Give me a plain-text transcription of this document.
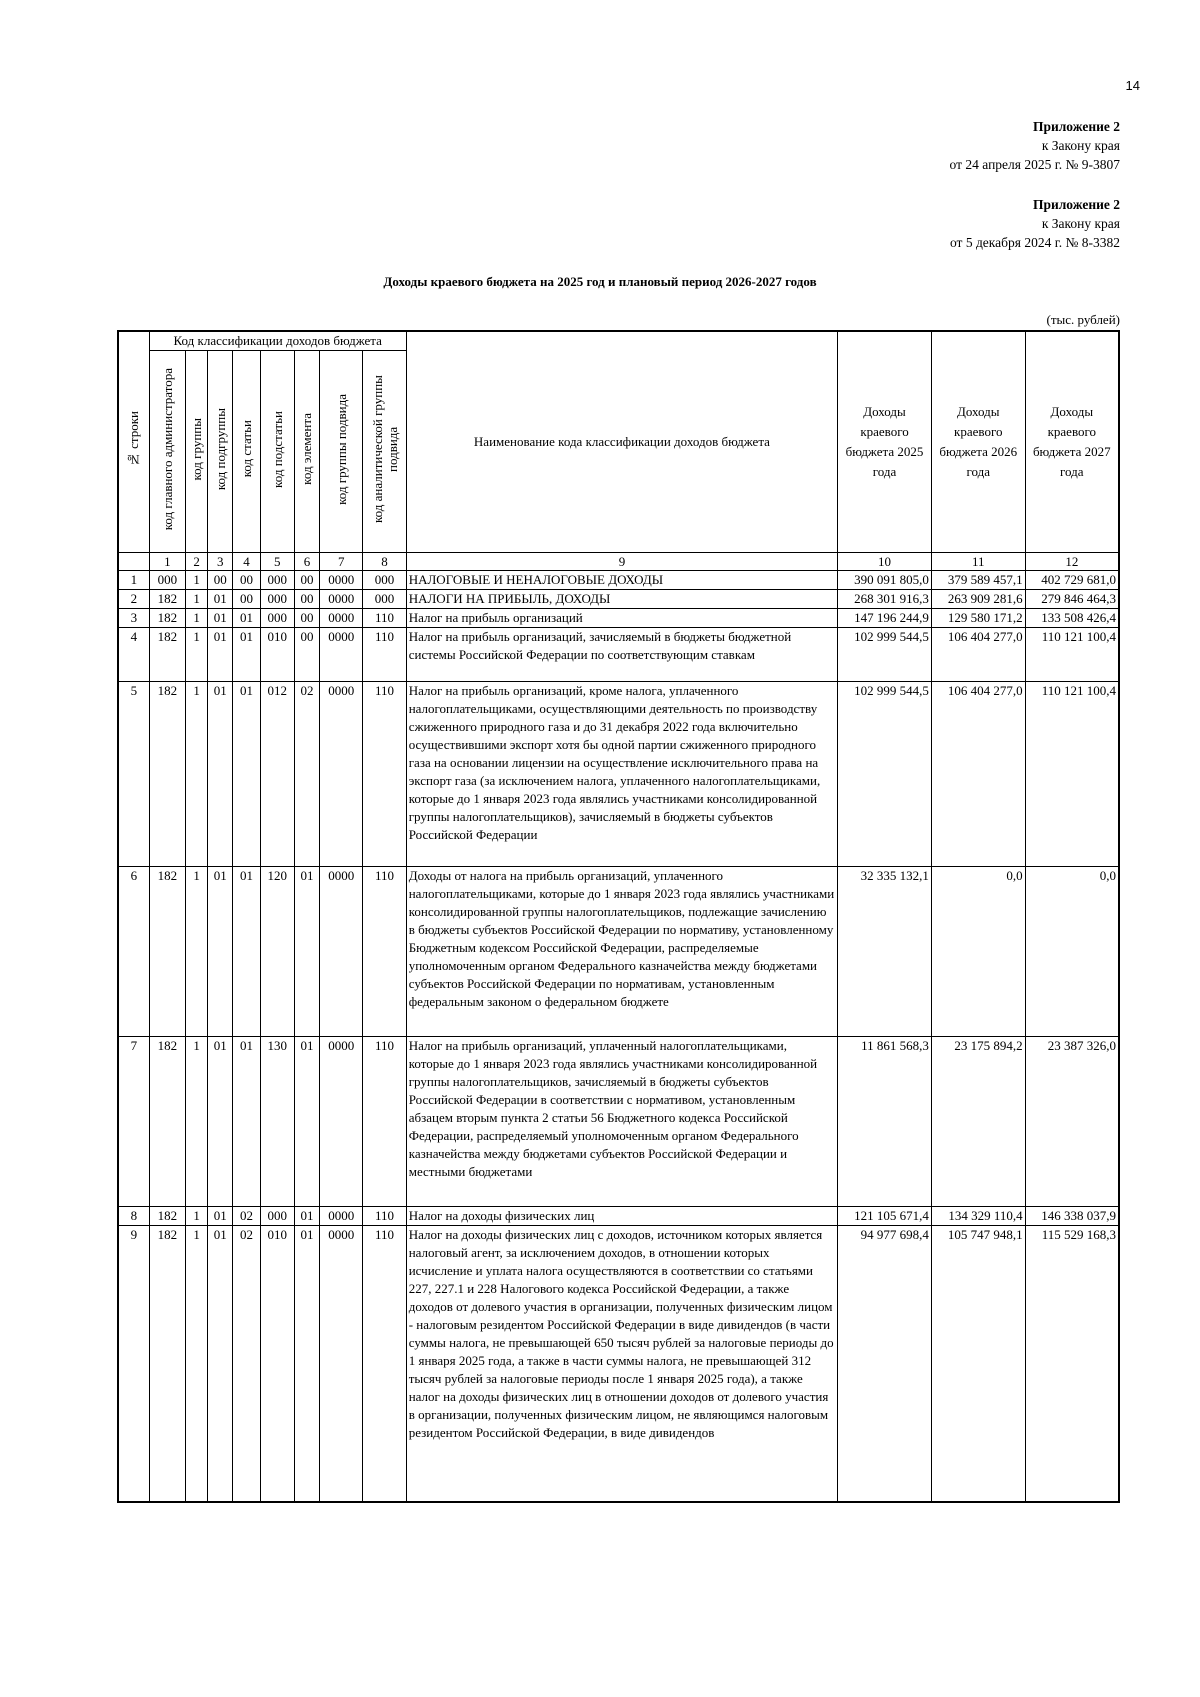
14
Приложение 2
к Закону края
от 24 апреля 2025 г. № 9-3807
Приложение 2
к Закону края
от 5 декабря 2024 г. № 8-3382
Доходы краевого бюджета на 2025 год и плановый период 2026-2027 годов
(тыс. рублей)
№ строки	Код классификации доходов бюджета								Наименование кода классификации доходов бюджета	Доходы краевого бюджета 2025 года	Доходы краевого бюджета 2026 года	Доходы краевого бюджета 2027 года
	код главного администратора	код группы	код подгруппы	код статьи	код подстатьи	код элемента	код группы подвида	код аналитической группы подвида				
	1	2	3	4	5	6	7	8	9	10	11	12
1	000	1	00	00	000	00	0000	000	НАЛОГОВЫЕ И НЕНАЛОГОВЫЕ ДОХОДЫ	390 091 805,0	379 589 457,1	402 729 681,0
2	182	1	01	00	000	00	0000	000	НАЛОГИ НА ПРИБЫЛЬ, ДОХОДЫ	268 301 916,3	263 909 281,6	279 846 464,3
3	182	1	01	01	000	00	0000	110	Налог на прибыль организаций	147 196 244,9	129 580 171,2	133 508 426,4
4	182	1	01	01	010	00	0000	110	Налог на прибыль организаций, зачисляемый в бюджеты бюджетной системы Российской Федерации по соответствующим ставкам	102 999 544,5	106 404 277,0	110 121 100,4
5	182	1	01	01	012	02	0000	110	Налог на прибыль организаций, кроме налога, уплаченного налогоплательщиками, осуществляющими деятельность по производству сжиженного природного газа и до 31 декабря 2022 года включительно осуществившими экспорт хотя бы одной партии сжиженного природного газа на основании лицензии на осуществление исключительного права на экспорт газа (за исключением налога, уплаченного налогоплательщиками, которые до 1 января 2023 года являлись участниками консолидированной группы налогоплательщиков), зачисляемый в бюджеты субъектов Российской Федерации	102 999 544,5	106 404 277,0	110 121 100,4
6	182	1	01	01	120	01	0000	110	Доходы от налога на прибыль организаций, уплаченного налогоплательщиками, которые до 1 января 2023 года являлись участниками консолидированной группы налогоплательщиков, подлежащие зачислению в бюджеты субъектов Российской Федерации по нормативу, установленному Бюджетным кодексом Российской Федерации, распределяемые уполномоченным органом Федерального казначейства между бюджетами субъектов Российской Федерации по нормативам, установленным федеральным законом о федеральном бюджете	32 335 132,1	0,0	0,0
7	182	1	01	01	130	01	0000	110	Налог на прибыль организаций, уплаченный налогоплательщиками, которые до 1 января 2023 года являлись участниками консолидированной группы налогоплательщиков, зачисляемый в бюджеты субъектов Российской Федерации в соответствии с нормативом, установленным абзацем вторым пункта 2 статьи 56 Бюджетного кодекса Российской Федерации, распределяемый уполномоченным органом Федерального казначейства между бюджетами субъектов Российской Федерации и местными бюджетами	11 861 568,3	23 175 894,2	23 387 326,0
8	182	1	01	02	000	01	0000	110	Налог на доходы физических лиц	121 105 671,4	134 329 110,4	146 338 037,9
9	182	1	01	02	010	01	0000	110	Налог на доходы физических лиц с доходов, источником которых является налоговый агент, за исключением доходов, в отношении которых исчисление и уплата налога осуществляются в соответствии со статьями 227, 227.1 и 228 Налогового кодекса Российской Федерации, а также доходов от долевого участия в организации, полученных физическим лицом - налоговым резидентом Российской Федерации в виде дивидендов (в части суммы налога, не превышающей 650 тысяч рублей за налоговые периоды до 1 января 2025 года, а также в части суммы налога, не превышающей 312 тысяч рублей за налоговые периоды после 1 января 2025 года), а также налог на доходы физических лиц в отношении доходов от долевого участия в организации, полученных физическим лицом, не являющимся налоговым резидентом Российской Федерации, в виде дивидендов	94 977 698,4	105 747 948,1	115 529 168,3
